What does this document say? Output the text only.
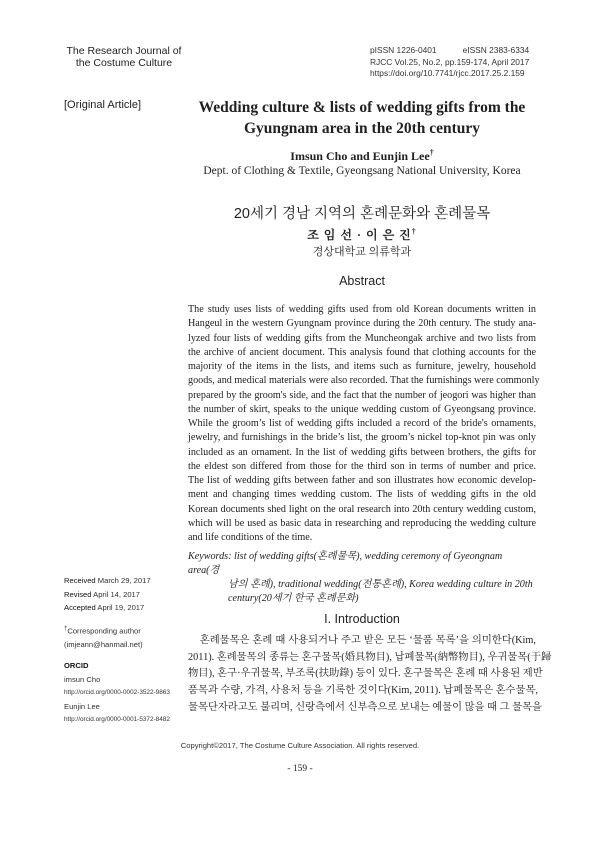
The Research Journal of
the Costume Culture
pISSN 1226-0401	eISSN 2383-6334
RJCC Vol.25, No.2, pp.159-174, April 2017
https://doi.org/10.7741/rjcc.2017.25.2.159
[Original Article]	Wedding culture & lists of wedding gifts from the
Gyungnam area in the 20th century
Imsun Cho and Eunjin Lee†
Dept. of Clothing & Textile, Gyeongsang National University, Korea
20세기 경남 지역의 혼례문화와 혼례물목
조 임 선 · 이 은 진†
경상대학교 의류학과
Abstract
The study uses lists of wedding gifts used from old Korean documents written in
Hangeul in the western Gyungnam province during the 20th century. The study ana-
lyzed four lists of wedding gifts from the Muncheongak archive and two lists from
the archive of ancient document. This analysis found that clothing accounts for the
majority of the items in the lists, and items such as furniture, jewelry, household
goods, and medical materials were also recorded. That the furnishings were commonly
prepared by the groom's side, and the fact that the number of jeogori was higher than
the number of skirt, speaks to the unique wedding custom of Gyeongsang province.
While the groom’s list of wedding gifts included a record of the bride's ornaments,
jewelry, and furnishings in the bride’s list, the groom’s nickel top-knot pin was only
included as an ornament. In the list of wedding gifts between brothers, the gifts for
the eldest son differed from those for the third son in terms of number and price.
The list of wedding gifts between father and son illustrates how economic develop-
ment and changing times wedding custom. The lists of wedding gifts in the old
Korean documents shed light on the oral research into 20th century wedding custom,
which will be used as basic data in researching and reproducing the wedding culture
and life conditions of the time.
Keywords: list of wedding gifts(혼례물목), wedding ceremony of Gyeongnam area(경
남의 혼례), traditional wedding(전통혼례), Korea wedding culture in 20th
century(20세기 한국 혼례문화)
Received March 29, 2017
Revised April 14, 2017
Accepted April 19, 2017
†Corresponding author
(imjeann@hanmail.net)
ORCID
imsun Cho
http://orcid.org/0000-0002-3522-9863
Eunjin Lee
http://orcid.org/0000-0001-5372-8482
I. Introduction
혼례물목은 혼례 때 사용되거나 주고 받은 모든 ‘물품 목록’을 의미한다(Kim,
2011). 혼례물목의 종류는 혼구물목(婚具物目), 납폐물목(納幣物目), 우귀물목(于歸
物目), 혼구·우귀물목, 부조록(扶助錄) 등이 있다. 혼구물목은 혼례 때 사용된 제반
품목과 수량, 가격, 사용처 등을 기록한 것이다(Kim, 2011). 납폐물목은 혼수물목,
물목단자라고도 불리며, 신랑측에서 신부측으로 보내는 예물이 많을 때 그 물목을
Copyright©2017, The Costume Culture Association. All rights reserved.
- 159 -
